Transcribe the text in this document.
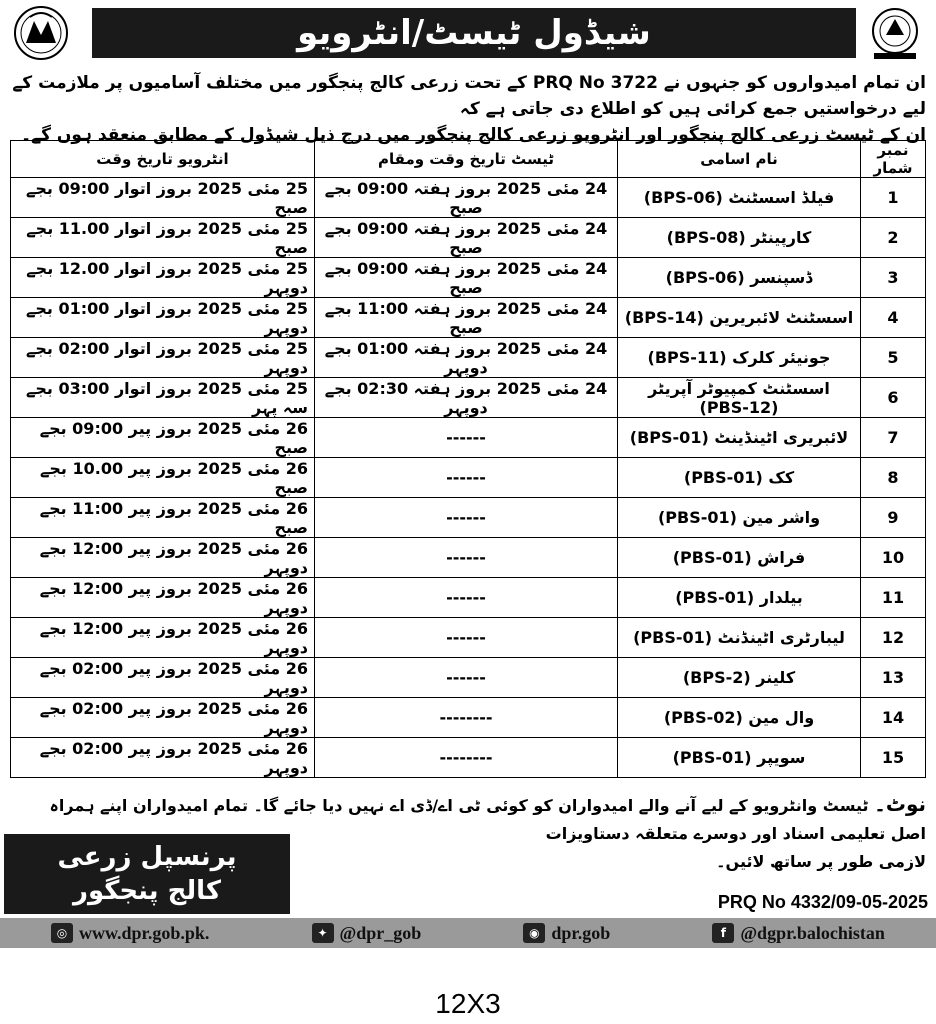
شیڈول ٹیسٹ/انٹرویو
ان تمام امیدواروں کو جنہوں نے PRQ No 3722 کے تحت زرعی کالج پنجگور میں مختلف آسامیوں پر ملازمت کے لیے درخواستیں جمع کرائی ہیں کو اطلاع دی جاتی ہے کہ
ان کے ٹیسٹ زرعی کالج پنجگور اور انٹرویو زرعی کالج پنجگور میں درج ذیل شیڈول کے مطابق منعقد ہوں گے۔
نمبر شمار	نام اسامی	ٹیسٹ تاریخ وقت ومقام	انٹرویو تاریخ وقت
1	فیلڈ اسسٹنٹ (BPS-06)	24 مئی 2025 بروز ہفتہ 09:00 بجے صبح	25 مئی 2025 بروز اتوار 09:00 بجے صبح
2	کارپینٹر (BPS-08)	24 مئی 2025 بروز ہفتہ 09:00 بجے صبح	25 مئی 2025 بروز اتوار 11.00 بجے صبح
3	ڈسپنسر (BPS-06)	24 مئی 2025 بروز ہفتہ 09:00 بجے صبح	25 مئی 2025 بروز اتوار 12.00 بجے دوپہر
4	اسسٹنٹ لائبریرین (BPS-14)	24 مئی 2025 بروز ہفتہ 11:00 بجے صبح	25 مئی 2025 بروز اتوار 01:00 بجے دوپہر
5	جونیئر کلرک (BPS-11)	24 مئی 2025 بروز ہفتہ 01:00 بجے دوپہر	25 مئی 2025 بروز اتوار 02:00 بجے دوپہر
6	اسسٹنٹ کمپیوٹر آپریٹر (PBS-12)	24 مئی 2025 بروز ہفتہ 02:30 بجے دوپہر	25 مئی 2025 بروز اتوار 03:00 بجے سہ پہر
7	لائبریری اٹینڈینٹ (BPS-01)	------	26 مئی 2025 بروز پیر 09:00 بجے صبح
8	کک (PBS-01)	------	26 مئی 2025 بروز پیر 10.00 بجے صبح
9	واشر مین (PBS-01)	------	26 مئی 2025 بروز پیر 11:00 بجے صبح
10	فراش (PBS-01)	------	26 مئی 2025 بروز پیر 12:00 بجے دوپہر
11	بیلدار (PBS-01)	------	26 مئی 2025 بروز پیر 12:00 بجے دوپہر
12	لیبارٹری اٹینڈنٹ (PBS-01)	------	26 مئی 2025 بروز پیر 12:00 بجے دوپہر
13	کلینر (BPS-2)	------	26 مئی 2025 بروز پیر 02:00 بجے دوپہر
14	وال مین (PBS-02)	--------	26 مئی 2025 بروز پیر 02:00 بجے دوپہر
15	سویپر (PBS-01)	--------	26 مئی 2025 بروز پیر 02:00 بجے دوپہر
نوٹ۔ ٹیسٹ وانٹرویو کے لیے آنے والے امیدواران کو کوئی ٹی اے/ڈی اے نہیں دیا جائے گا۔ تمام امیدواران اپنے ہمراہ اصل تعلیمی اسناد اور دوسرے متعلقہ دستاویزات
لازمی طور پر ساتھ لائیں۔
پرنسپل زرعی
کالج پنجگور	PRQ No 4332/09-05-2025
◎ www.dpr.gob.pk.	✦ @dpr_gob	◉ dpr.gob	f @dgpr.balochistan
12X3
